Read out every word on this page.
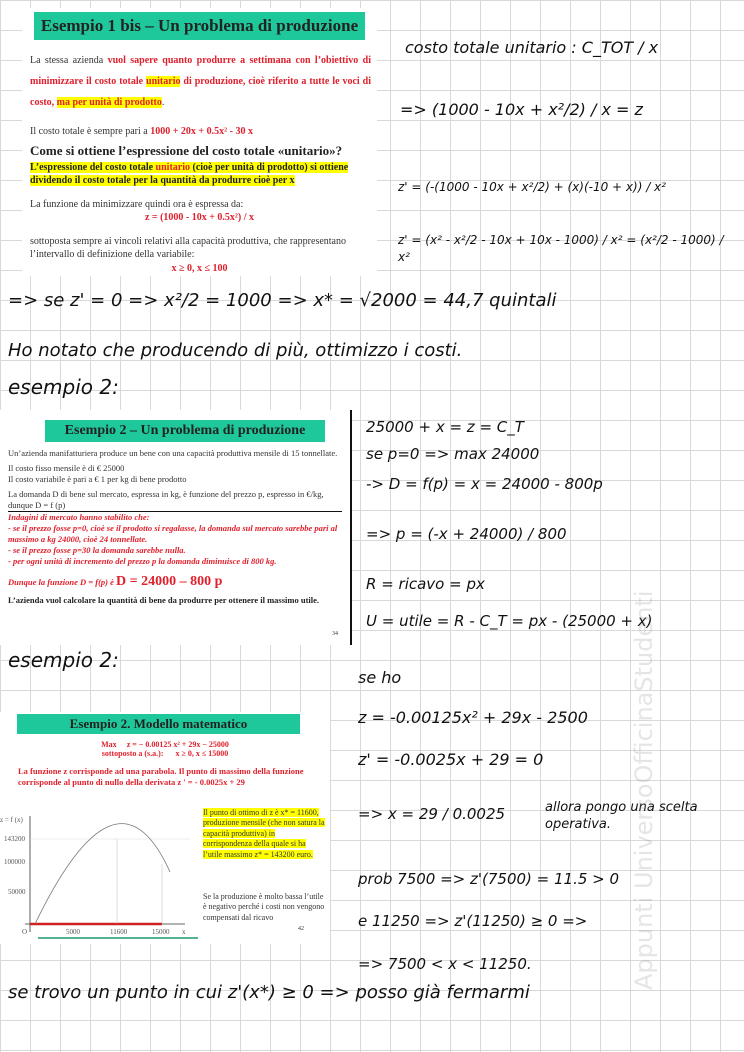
Esempio 1 bis – Un problema di produzione

La stessa azienda vuol sapere quanto produrre a settimana con l’obiettivo di minimizzare il costo totale unitario di produzione, cioè riferito a tutte le voci di costo, ma per unità di prodotto.

Il costo totale è sempre pari a 1000 + 20x + 0.5x² - 30 x

Come si ottiene l’espressione del costo totale «unitario»?

L’espressione del costo totale unitario (cioè per unità di prodotto) si ottiene dividendo il costo totale per la quantità da produrre cioè per x

La funzione da minimizzare quindi ora è espressa da:

z = (1000 - 10x + 0.5x²) / x

sottoposta sempre ai vincoli relativi alla capacità produttiva, che rappresentano l’intervallo di definizione della variabile:

x ≥ 0, x ≤ 100

costo totale unitario : C_TOT / x
=> (1000 - 10x + x²/2) / x = z
z' = (-(1000 - 10x + x²/2) + (x)(-10 + x)) / x²
z' = (x² - x²/2 - 10x + 10x - 1000) / x² = (x²/2 - 1000) / x²
=> se z' = 0 => x²/2 = 1000 => x* = √2000 = 44,7 quintali
Ho notato che producendo di più, ottimizzo i costi.
esempio 2:
Esempio 2 – Un problema di produzione

Un’azienda manifatturiera produce un bene con una capacità produttiva mensile di 15 tonnellate.

Il costo fisso mensile è di € 25000

Il costo variabile è pari a € 1 per kg di bene prodotto

La domanda D di bene sul mercato, espressa in kg, è funzione del prezzo p, espresso in €/kg, dunque D = f (p)

Indagini di mercato hanno stabilito che:

- se il prezzo fosse p=0, cioè se il prodotto si regalasse, la domanda sul mercato sarebbe pari al massimo a kg 24000, cioè 24 tonnellate.

- se il prezzo fosse p=30 la domanda sarebbe nulla.

- per ogni unità di incremento del prezzo p la domanda diminuisce di 800 kg.

Dunque la funzione D = f(p) è D = 24000 – 800 p

L’azienda vuol calcolare la quantità di bene da produrre per ottenere il massimo utile.

34
25000 + x = z = C_T
se p=0 => max 24000
-> D = f(p) = x = 24000 - 800p
=> p = (-x + 24000) / 800
R = ricavo = px
U = utile = R - C_T = px - (25000 + x)
esempio 2:
Esempio 2. Modello matematico

Max z = − 0.00125 x² + 29x − 25000

sottoposto a (s.a.): x ≥ 0, x ≤ 15000

La funzione z corrisponde ad una parabola. Il punto di massimo della funzione corrisponde al punto di nullo della derivata z ' = - 0.0025x + 29

z = f (x)
143200
100000
50000
O	5000	11600	15000 x

Il punto di ottimo di z è x* = 11600, produzione mensile (che non satura la capacità produttiva) in corrispondenza della quale si ha l’utile massimo z* = 143200 euro.

Se la produzione è molto bassa l’utile è negativo perché i costi non vengono compensati dal ricavo

42
se ho
z = -0.00125x² + 29x - 2500
z' = -0.0025x + 29 = 0
=> x = 29 / 0.0025	allora pongo una scelta operativa.
prob 7500 => z'(7500) = 11.5 > 0
e 11250 => z'(11250) ≥ 0 =>
=> 7500 < x < 11250.
se trovo un punto in cui z'(x*) ≥ 0 => posso già fermarmi
Appunti UniversoOfficinaStudenti
